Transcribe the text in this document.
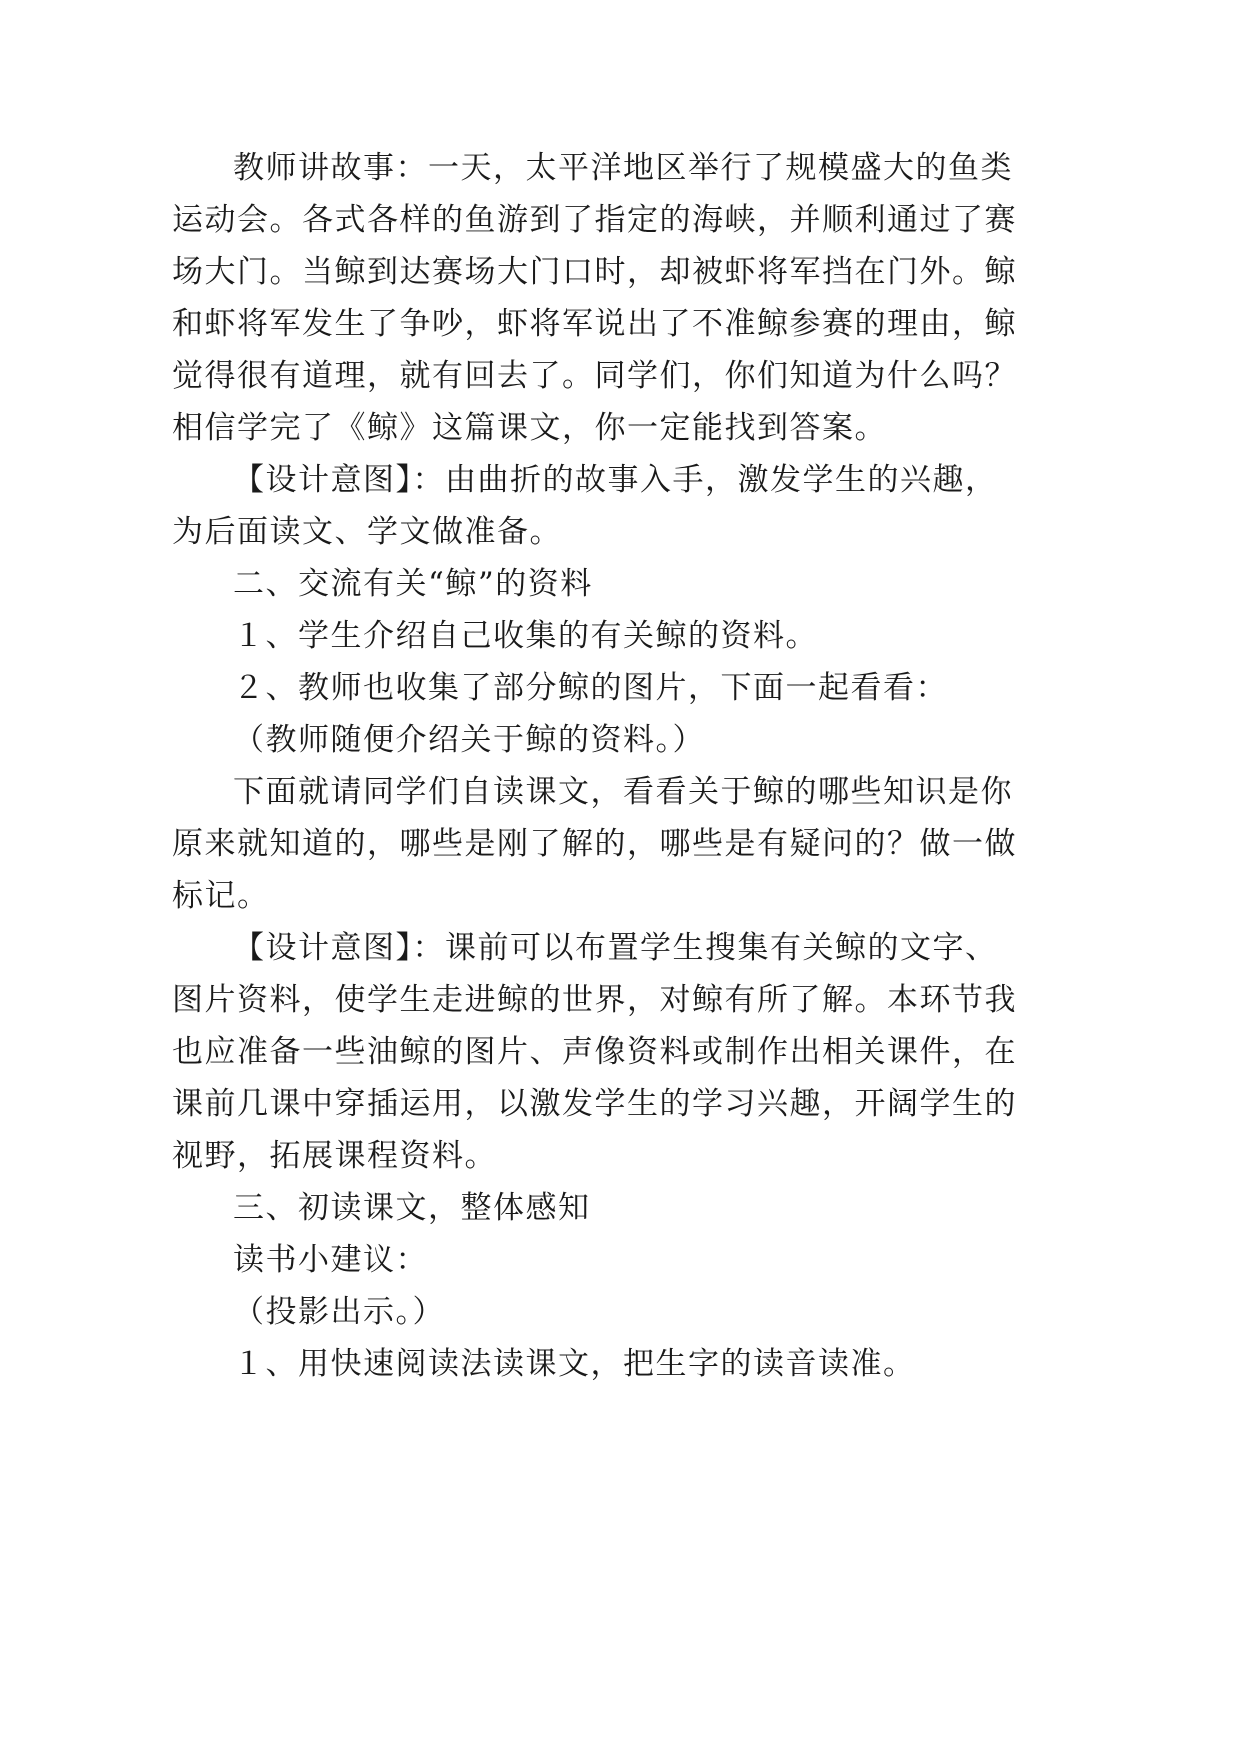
教师讲故事：一天，太平洋地区举行了规模盛大的鱼类
运动会。各式各样的鱼游到了指定的海峡，并顺利通过了赛
场大门。当鲸到达赛场大门口时，却被虾将军挡在门外。鲸
和虾将军发生了争吵，虾将军说出了不准鲸参赛的理由，鲸
觉得很有道理，就有回去了。同学们，你们知道为什么吗？
相信学完了《鲸》这篇课文，你一定能找到答案。
【设计意图】：由曲折的故事入手，激发学生的兴趣，
为后面读文、学文做准备。
二、交流有关“鲸”的资料
１、学生介绍自己收集的有关鲸的资料。
２、教师也收集了部分鲸的图片，下面一起看看：
（教师随便介绍关于鲸的资料。）
下面就请同学们自读课文，看看关于鲸的哪些知识是你
原来就知道的，哪些是刚了解的，哪些是有疑问的？做一做
标记。
【设计意图】：课前可以布置学生搜集有关鲸的文字、
图片资料，使学生走进鲸的世界，对鲸有所了解。本环节我
也应准备一些油鲸的图片、声像资料或制作出相关课件，在
课前几课中穿插运用，以激发学生的学习兴趣，开阔学生的
视野，拓展课程资料。
三、初读课文，整体感知
读书小建议：
（投影出示。）
１、用快速阅读法读课文，把生字的读音读准。
